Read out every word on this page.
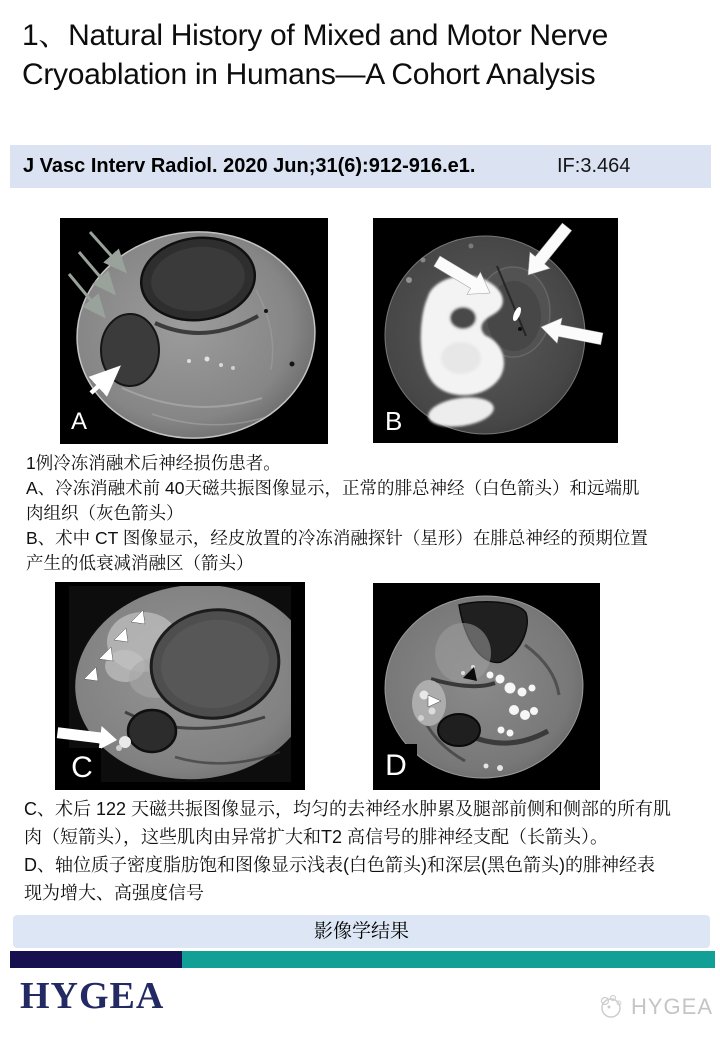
1、Natural History of Mixed and Motor Nerve
Cryoablation in Humans—A Cohort Analysis
J Vasc Interv Radiol. 2020 Jun;31(6):912-916.e1.	IF:3.464
A	B
1例冷冻消融术后神经损伤患者。
A、冷冻消融术前 40天磁共振图像显示，正常的腓总神经（白色箭头）和远端肌
肉组织（灰色箭头）
B、术中 CT 图像显示，经皮放置的冷冻消融探针（星形）在腓总神经的预期位置
产生的低衰减消融区（箭头）
C	D
C、术后 122 天磁共振图像显示，均匀的去神经水肿累及腿部前侧和侧部的所有肌
肉（短箭头），这些肌肉由异常扩大和T2 高信号的腓神经支配（长箭头）。
D、轴位质子密度脂肪饱和图像显示浅表(白色箭头)和深层(黑色箭头)的腓神经表
现为增大、高强度信号
影像学结果
HYGEA	HYGEA
